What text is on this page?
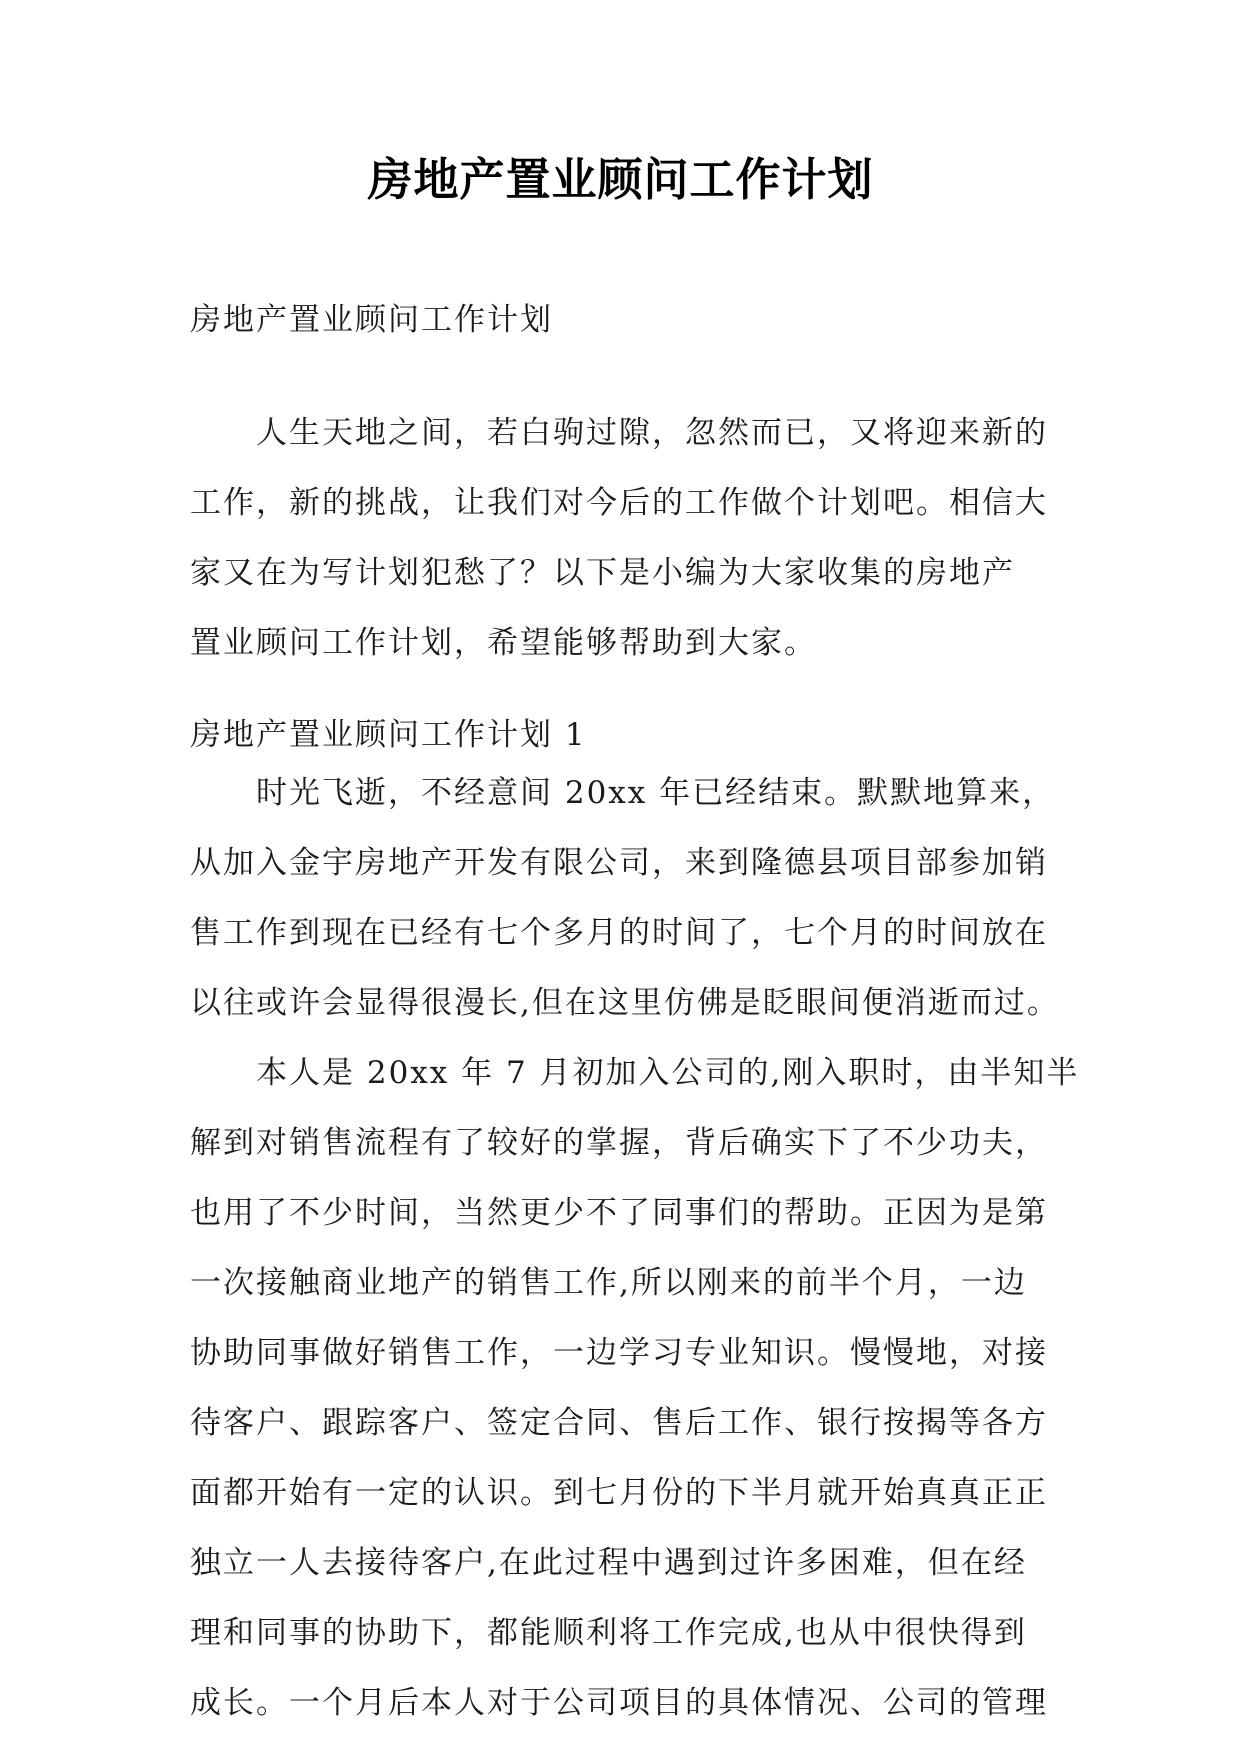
房地产置业顾问工作计划
房地产置业顾问工作计划
人生天地之间，若白驹过隙，忽然而已，又将迎来新的
工作，新的挑战，让我们对今后的工作做个计划吧。相信大
家又在为写计划犯愁了？以下是小编为大家收集的房地产
置业顾问工作计划，希望能够帮助到大家。
房地产置业顾问工作计划 1
时光飞逝，不经意间 20xx 年已经结束。默默地算来，
从加入金宇房地产开发有限公司，来到隆德县项目部参加销
售工作到现在已经有七个多月的时间了，七个月的时间放在
以往或许会显得很漫长,但在这里仿佛是眨眼间便消逝而过。
本人是 20xx 年 7 月初加入公司的,刚入职时，由半知半
解到对销售流程有了较好的掌握，背后确实下了不少功夫，
也用了不少时间，当然更少不了同事们的帮助。正因为是第
一次接触商业地产的销售工作,所以刚来的前半个月，一边
协助同事做好销售工作，一边学习专业知识。慢慢地，对接
待客户、跟踪客户、签定合同、售后工作、银行按揭等各方
面都开始有一定的认识。到七月份的下半月就开始真真正正
独立一人去接待客户,在此过程中遇到过许多困难，但在经
理和同事的协助下，都能顺利将工作完成,也从中很快得到
成长。一个月后本人对于公司项目的具体情况、公司的管理
